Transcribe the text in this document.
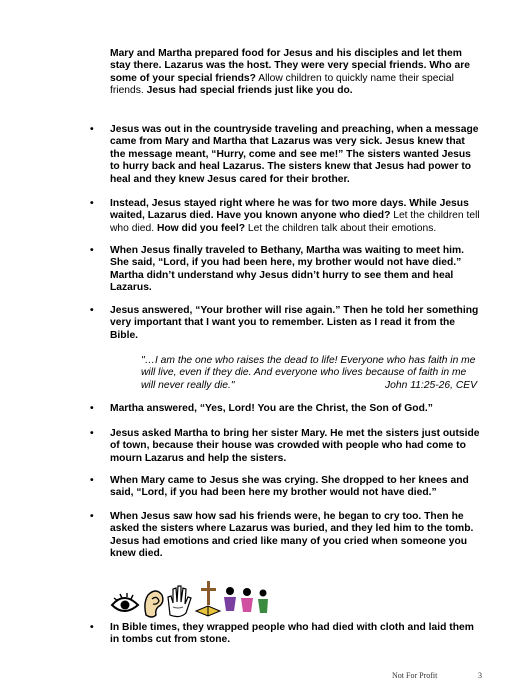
Mary and Martha prepared food for Jesus and his disciples and let them stay there. Lazarus was the host. They were very special friends. Who are some of your special friends? Allow children to quickly name their special friends. Jesus had special friends just like you do.
• Jesus was out in the countryside traveling and preaching, when a message came from Mary and Martha that Lazarus was very sick. Jesus knew that the message meant, “Hurry, come and see me!” The sisters wanted Jesus to hurry back and heal Lazarus. The sisters knew that Jesus had power to heal and they knew Jesus cared for their brother.
• Instead, Jesus stayed right where he was for two more days. While Jesus waited, Lazarus died. Have you known anyone who died? Let the children tell who died. How did you feel? Let the children talk about their emotions.
• When Jesus finally traveled to Bethany, Martha was waiting to meet him. She said, “Lord, if you had been here, my brother would not have died.” Martha didn’t understand why Jesus didn’t hurry to see them and heal Lazarus.
• Jesus answered, “Your brother will rise again.” Then he told her something very important that I want you to remember. Listen as I read it from the Bible.
"…I am the one who raises the dead to life! Everyone who has faith in me will live, even if they die. And everyone who lives because of faith in me will never really die."	John 11:25-26, CEV
• Martha answered, “Yes, Lord! You are the Christ, the Son of God.”
• Jesus asked Martha to bring her sister Mary. He met the sisters just outside of town, because their house was crowded with people who had come to mourn Lazarus and help the sisters.
• When Mary came to Jesus she was crying. She dropped to her knees and said, “Lord, if you had been here my brother would not have died.”
• When Jesus saw how sad his friends were, he began to cry too. Then he asked the sisters where Lazarus was buried, and they led him to the tomb. Jesus had emotions and cried like many of you cried when someone you knew died.
• In Bible times, they wrapped people who had died with cloth and laid them in tombs cut from stone.
Not For Profit	3
